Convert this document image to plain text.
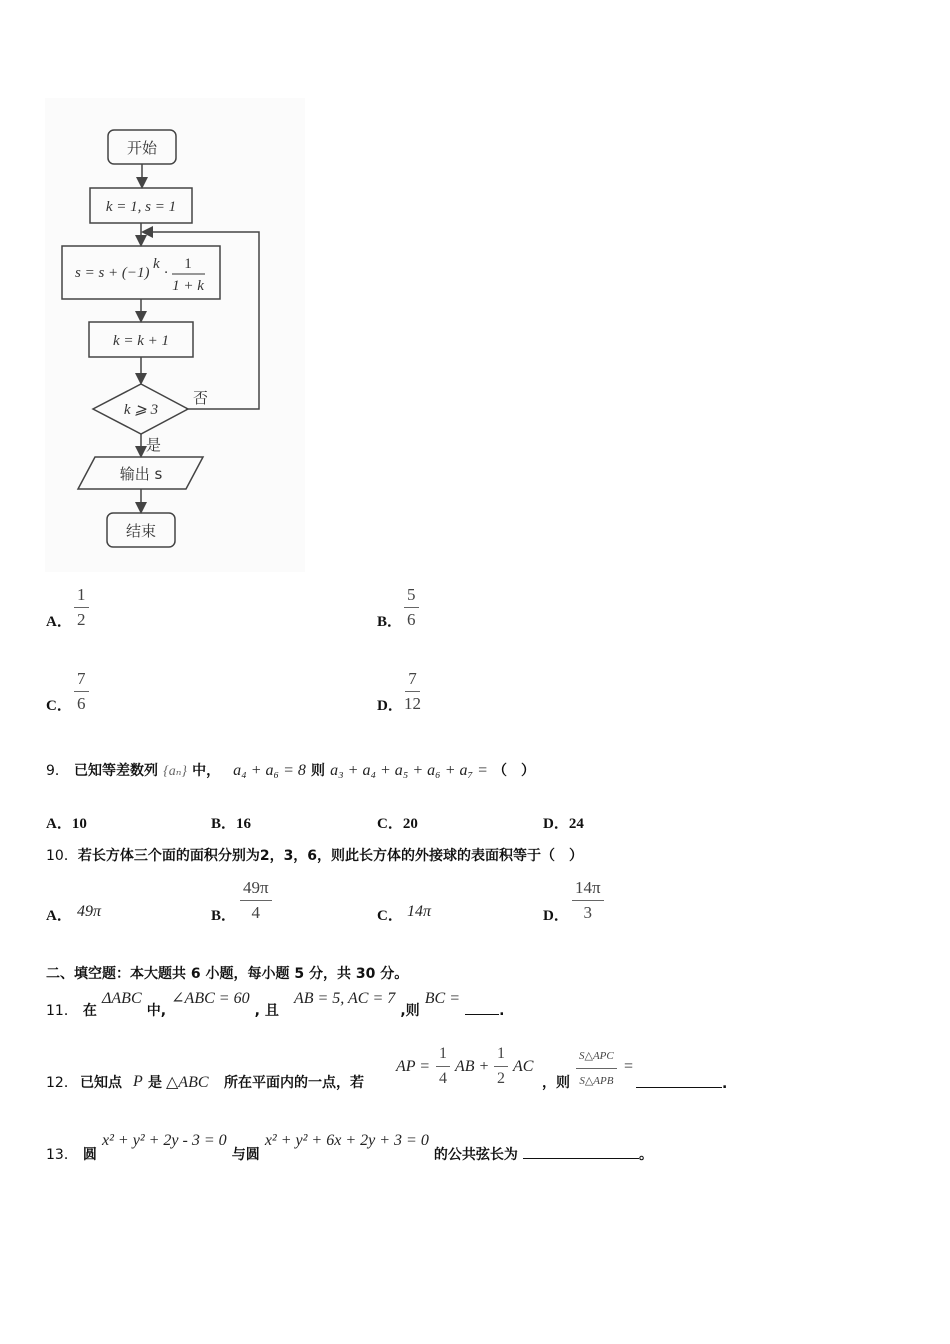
开始
k = 1, s = 1
s = s + (−1)
k
·
1
1 + k
k = k + 1
k ⩾ 3
否
是
输出 s
结束
A． $\frac{1}{2}$	B． $\frac{5}{6}$
C． $\frac{7}{6}$	D． $\frac{7}{12}$
9． 已知等差数列 {aₙ} 中， a₄ + a₆ = 8 则 a₃ + a₄ + a₅ + a₆ + a₇ = （　）
A．10	B．16	C．20	D．24
10．若长方体三个面的面积分别为2，3，6，则此长方体的外接球的表面积等于（　）
A． 49π	B． $\frac{49\pi}{4}$	C． 14π	D． $\frac{14\pi}{3}$
二、填空题：本大题共 6 小题，每小题 5 分，共 30 分。
11． 在 ΔABC 中, ∠ABC = 60 , 且 AB = 5, AC = 7 ,则 BC = .
12． 已知点 P 是 △ABC 所在平面内的一点，若
AP = $\frac{1}{4}$ AB + $\frac{1}{2}$ AC
，则
S△APC
S△APB
=
.
13． 圆 x² + y² + 2y - 3 = 0 与圆 x² + y² + 6x + 2y + 3 = 0 的公共弦长为	。
